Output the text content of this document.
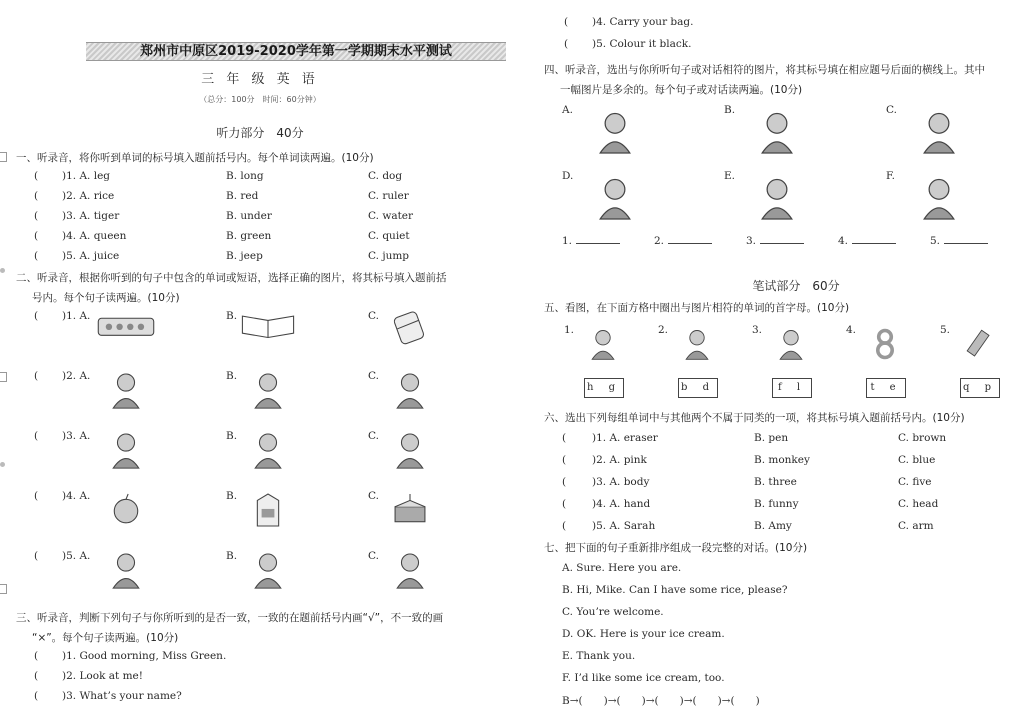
郑州市中原区2019-2020学年第一学期期末水平测试
三 年 级 英 语
（总分：100分　时间：60分钟）
听力部分　40分
一、听录音，将你听到单词的标号填入题前括号内。每个单词读两遍。(10分)
( )1. A. leg	B. long	C. dog
( )2. A. rice	B. red	C. ruler
( )3. A. tiger	B. under	C. water
( )4. A. queen	B. green	C. quiet
( )5. A. juice	B. jeep	C. jump
二、听录音，根据你听到的句子中包含的单词或短语，选择正确的图片，将其标号填入题前括
号内。每个句子读两遍。(10分)
( )1. A.	B.	C.
( )2. A.	B.	C.
( )3. A.	B.	C.
( )4. A.	B.	C.
( )5. A.	B.	C.
三、听录音，判断下列句子与你所听到的是否一致，一致的在题前括号内画“√”，不一致的画
“×”。每个句子读两遍。(10分)
( )1. Good morning, Miss Green.
( )2. Look at me!
( )3. What’s your name?
( )4. Carry your bag.
( )5. Colour it black.
四、听录音，选出与你所听句子或对话相符的图片，将其标号填在相应题号后面的横线上。其中
一幅图片是多余的。每个句子或对话读两遍。(10分)
A.	B.	C.
D.	E.	F.
1.	2.	3.	4.	5.
笔试部分　60分
五、看图，在下面方格中圈出与图片相符的单词的首字母。(10分)
1.
h g
2.
b d
3.
f l
4.
t e
5.
q p
六、选出下列每组单词中与其他两个不属于同类的一项，将其标号填入题前括号内。(10分)
( )1. A. eraser	B. pen	C. brown
( )2. A. pink	B. monkey	C. blue
( )3. A. body	B. three	C. five
( )4. A. hand	B. funny	C. head
( )5. A. Sarah	B. Amy	C. arm
七、把下面的句子重新排序组成一段完整的对话。(10分)
A. Sure. Here you are.
B. Hi, Mike. Can I have some rice, please?
C. You’re welcome.
D. OK. Here is your ice cream.
E. Thank you.
F. I’d like some ice cream, too.
B→(　　)→(　　)→(　　)→(　　)→(　　)
